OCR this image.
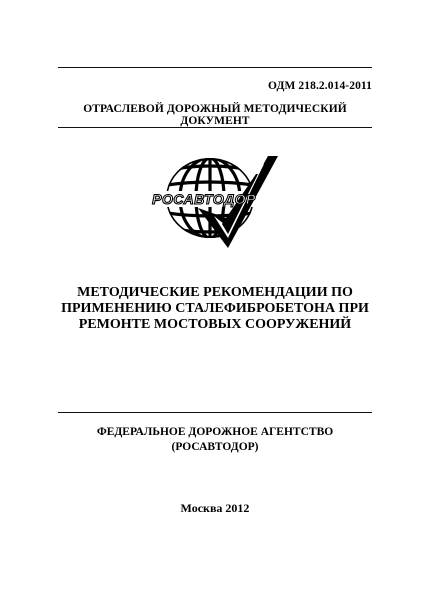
ОДМ 218.2.014-2011
ОТРАСЛЕВОЙ ДОРОЖНЫЙ МЕТОДИЧЕСКИЙ ДОКУМЕНТ
РОСАВТОДОР
МЕТОДИЧЕСКИЕ РЕКОМЕНДАЦИИ ПО
ПРИМЕНЕНИЮ СТАЛЕФИБРОБЕТОНА ПРИ
РЕМОНТЕ МОСТОВЫХ СООРУЖЕНИЙ
ФЕДЕРАЛЬНОЕ ДОРОЖНОЕ АГЕНТСТВО
(РОСАВТОДОР)
Москва 2012
